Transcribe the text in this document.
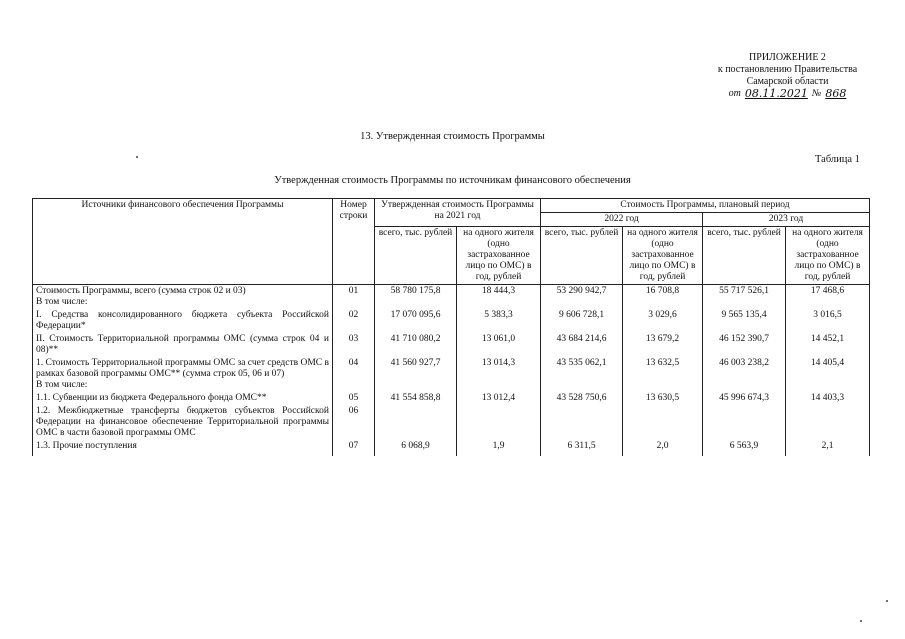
ПРИЛОЖЕНИЕ 2
к постановлению Правительства
Самарской области
от 08.11.2021 № 868
13. Утвержденная стоимость Программы
Таблица 1
Утвержденная стоимость Программы по источникам финансового обеспечения
Источники финансового обеспечения Программы	Номер строки	Утвержденная стоимость Программы на 2021 год		Стоимость Программы, плановый период			
				2022 год		2023 год	
		всего, тыс. рублей	на одного жителя (одно застрахованное лицо по ОМС) в год, рублей	всего, тыс. рублей	на одного жителя (одно застрахованное лицо по ОМС) в год, рублей	всего, тыс. рублей	на одного жителя (одно застрахованное лицо по ОМС) в год, рублей

Стоимость Программы, всего (сумма строк 02 и 03)
В том числе:	01	58 780 175,8	18 444,3	53 290 942,7	16 708,8	55 717 526,1	17 468,6

I. Средства консолидированного бюджета субъекта Российской Федерации*	02	17 070 095,6	5 383,3	9 606 728,1	3 029,6	9 565 135,4	3 016,5

II. Стоимость Территориальной программы ОМС (сумма строк 04 и 08)**	03	41 710 080,2	13 061,0	43 684 214,6	13 679,2	46 152 390,7	14 452,1

1. Стоимость Территориальной программы ОМС за счет средств ОМС в рамках базовой программы ОМС** (сумма строк 05, 06 и 07)
В том числе:	04	41 560 927,7	13 014,3	43 535 062,1	13 632,5	46 003 238,2	14 405,4

1.1. Субвенции из бюджета Федерального фонда ОМС**	05	41 554 858,8	13 012,4	43 528 750,6	13 630,5	45 996 674,3	14 403,3

1.2. Межбюджетные трансферты бюджетов субъектов Российской Федерации на финансовое обеспечение Территориальной программы ОМС в части базовой программы ОМС	06						

1.3. Прочие поступления	07	6 068,9	1,9	6 311,5	2,0	6 563,9	2,1
